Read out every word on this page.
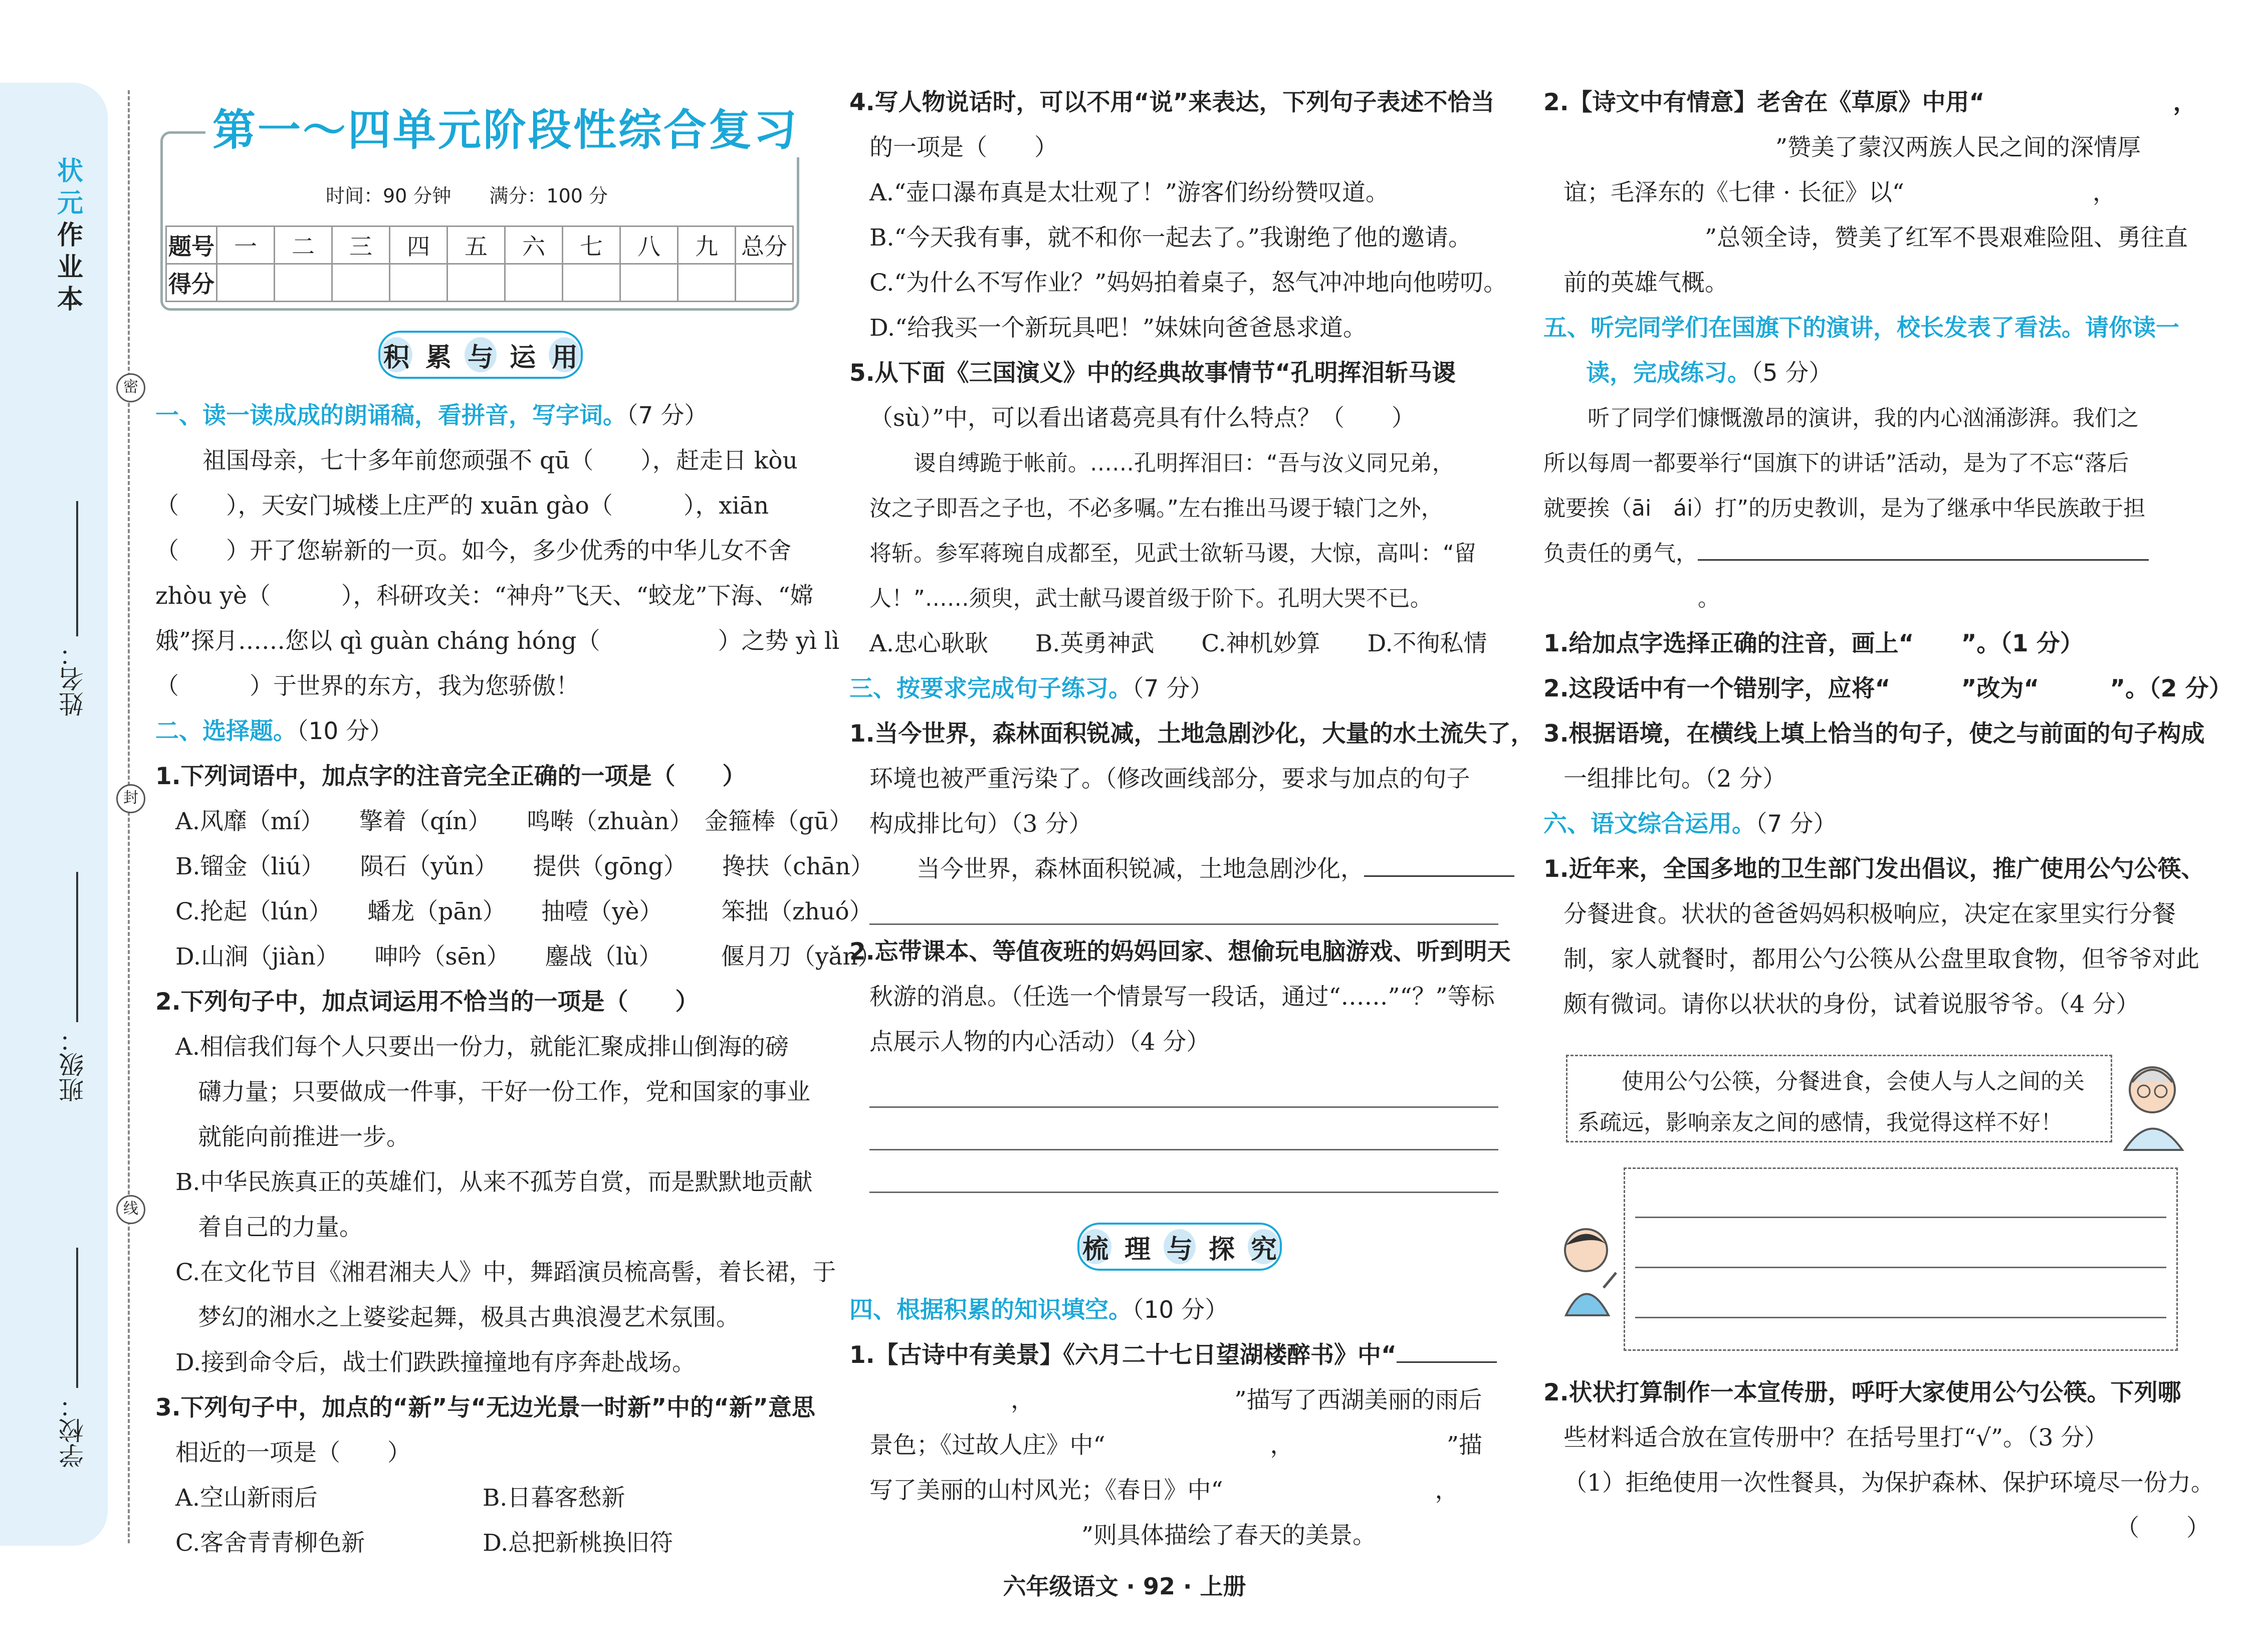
状元
作业本
密
封
线
姓名：
班级：
学校：
第一～四单元阶段性综合复习
时间：90 分钟　　满分：100 分
题号	一	二	三	四	五	六	七	八	九	总分
得分										
积 累 与 运 用
一、读一读成成的朗诵稿，看拼音，写字词。（7 分）
　　祖国母亲，七十多年前您顽强不 qū（　　），赶走日 kòu
（　　），天安门城楼上庄严的 xuān gào（　　　），xiān
（　　）开了您崭新的一页。如今，多少优秀的中华儿女不舍
zhòu yè（　　　），科研攻关：“神舟”飞天、“蛟龙”下海、“嫦
娥”探月……您以 qì guàn cháng hóng（　　　　　）之势 yì lì
（　　　）于世界的东方，我为您骄傲！
二、选择题。（10 分）
1.下列词语中，加点字的注音完全正确的一项是（　　）
A.风靡（mí）　　擎着（qín）　　鸣啭（zhuàn）　金箍棒（gū）
B.镏金（liú）　　陨石（yǔn）　　提供（gōng）　　搀扶（chān）
C.抡起（lún）　　蟠龙（pān）　　抽噎（yè）　　　笨拙（zhuó）
D.山涧（jiàn）　　呻吟（sēn）　　鏖战（lù）　　　偃月刀（yǎn）
2.下列句子中，加点词运用不恰当的一项是（　　）
A.相信我们每个人只要出一份力，就能汇聚成排山倒海的磅
礴力量；只要做成一件事，干好一份工作，党和国家的事业
就能向前推进一步。
B.中华民族真正的英雄们，从来不孤芳自赏，而是默默地贡献
着自己的力量。
C.在文化节目《湘君湘夫人》中，舞蹈演员梳高髻，着长裙，于
梦幻的湘水之上婆娑起舞，极具古典浪漫艺术氛围。
D.接到命令后，战士们跌跌撞撞地有序奔赴战场。
3.下列句子中，加点的“新”与“无边光景一时新”中的“新”意思
相近的一项是（　　）
A.空山新雨后　　　　　　　B.日暮客愁新
C.客舍青青柳色新　　　　　D.总把新桃换旧符
4.写人物说话时，可以不用“说”来表达，下列句子表述不恰当
的一项是（　　）
A.“壶口瀑布真是太壮观了！”游客们纷纷赞叹道。
B.“今天我有事，就不和你一起去了。”我谢绝了他的邀请。
C.“为什么不写作业？”妈妈拍着桌子，怒气冲冲地向他唠叨。
D.“给我买一个新玩具吧！”妹妹向爸爸恳求道。
5.从下面《三国演义》中的经典故事情节“孔明挥泪斩马谡
（sù）”中，可以看出诸葛亮具有什么特点？（　　）
　　谡自缚跪于帐前。……孔明挥泪曰：“吾与汝义同兄弟，
汝之子即吾之子也，不必多嘱。”左右推出马谡于辕门之外，
将斩。参军蒋琬自成都至，见武士欲斩马谡，大惊，高叫：“留
人！”……须臾，武士献马谡首级于阶下。孔明大哭不已。
A.忠心耿耿　　B.英勇神武　　C.神机妙算　　D.不徇私情
三、按要求完成句子练习。（7 分）
1.当今世界，森林面积锐减，土地急剧沙化，大量的水土流失了，
环境也被严重污染了。（修改画线部分，要求与加点的句子
构成排比句）（3 分）
　　当今世界，森林面积锐减，土地急剧沙化，
2.忘带课本、等值夜班的妈妈回家、想偷玩电脑游戏、听到明天
秋游的消息。（任选一个情景写一段话，通过“……”“？”等标
点展示人物的内心活动）（4 分）
梳 理 与 探 究
四、根据积累的知识填空。（10 分）
1.【古诗中有美景】《六月二十七日望湖楼醉书》中“
　　　　　　，　　　　　　　　　”描写了西湖美丽的雨后
景色；《过故人庄》中“　　　　　　　，　　　　　　　”描
写了美丽的山村风光；《春日》中“　　　　　　　　　，
　　　　　　　　　”则具体描绘了春天的美景。
2.【诗文中有情意】老舍在《草原》中用“　　　　　　　　，
　　　　　　　　　”赞美了蒙汉两族人民之间的深情厚
谊；毛泽东的《七律 · 长征》以“　　　　　　　　，　　　
　　　　　　”总领全诗，赞美了红军不畏艰难险阻、勇往直
前的英雄气概。
五、听完同学们在国旗下的演讲，校长发表了看法。请你读一
读，完成练习。（5 分）
　　听了同学们慷慨激昂的演讲，我的内心汹涌澎湃。我们之
所以每周一都要举行“国旗下的讲话”活动，是为了不忘“落后
就要挨（āi　ái）打”的历史教训，是为了继承中华民族敢于担
负责任的勇气，
　　　　　　　。
1.给加点字选择正确的注音，画上“　　”。（1 分）
2.这段话中有一个错别字，应将“　　　”改为“　　　”。（2 分）
3.根据语境，在横线上填上恰当的句子，使之与前面的句子构成
一组排比句。（2 分）
六、语文综合运用。（7 分）
1.近年来，全国多地的卫生部门发出倡议，推广使用公勺公筷、
分餐进食。状状的爸爸妈妈积极响应，决定在家里实行分餐
制，家人就餐时，都用公勺公筷从公盘里取食物，但爷爷对此
颇有微词。请你以状状的身份，试着说服爷爷。（4 分）
　　使用公勺公筷，分餐进食，会使人与人之间的关
系疏远，影响亲友之间的感情，我觉得这样不好！
2.状状打算制作一本宣传册，呼吁大家使用公勺公筷。下列哪
些材料适合放在宣传册中？在括号里打“√”。（3 分）
（1）拒绝使用一次性餐具，为保护森林、保护环境尽一份力。
（　　）
六年级语文 · 92 · 上册
